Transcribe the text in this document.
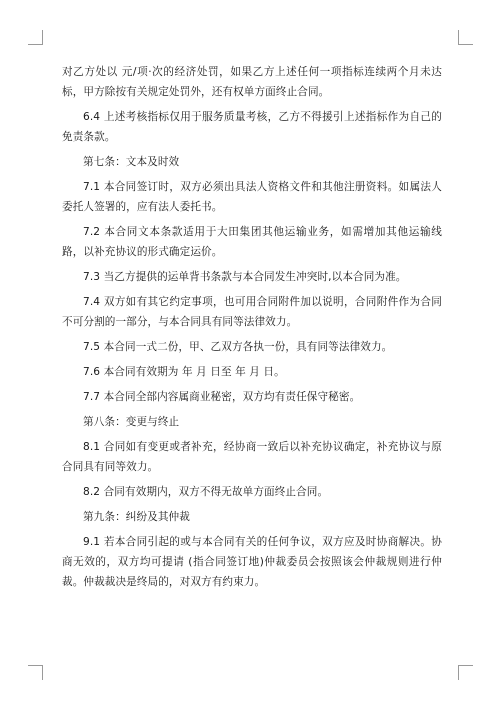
对乙方处以 元/项·次的经济处罚，如果乙方上述任何一项指标连续两个月未达标，甲方除按有关规定处罚外，还有权单方面终止合同。

6.4 上述考核指标仅用于服务质量考核，乙方不得援引上述指标作为自己的免责条款。

第七条：文本及时效

7.1 本合同签订时，双方必须出具法人资格文件和其他注册资料。如属法人委托人签署的，应有法人委托书。

7.2 本合同文本条款适用于大田集团其他运输业务，如需增加其他运输线路，以补充协议的形式确定运价。

7.3 当乙方提供的运单背书条款与本合同发生冲突时,以本合同为准。

7.4 双方如有其它约定事项，也可用合同附件加以说明，合同附件作为合同不可分割的一部分，与本合同具有同等法律效力。

7.5 本合同一式二份，甲、乙双方各执一份，具有同等法律效力。

7.6 本合同有效期为 年 月 日至 年 月 日。

7.7 本合同全部内容属商业秘密，双方均有责任保守秘密。

第八条：变更与终止

8.1 合同如有变更或者补充，经协商一致后以补充协议确定，补充协议与原合同具有同等效力。

8.2 合同有效期内，双方不得无故单方面终止合同。

第九条：纠纷及其仲裁

9.1 若本合同引起的或与本合同有关的任何争议，双方应及时协商解决。协商无效的，双方均可提请 (指合同签订地)仲裁委员会按照该会仲裁规则进行仲裁。仲裁裁决是终局的，对双方有约束力。
